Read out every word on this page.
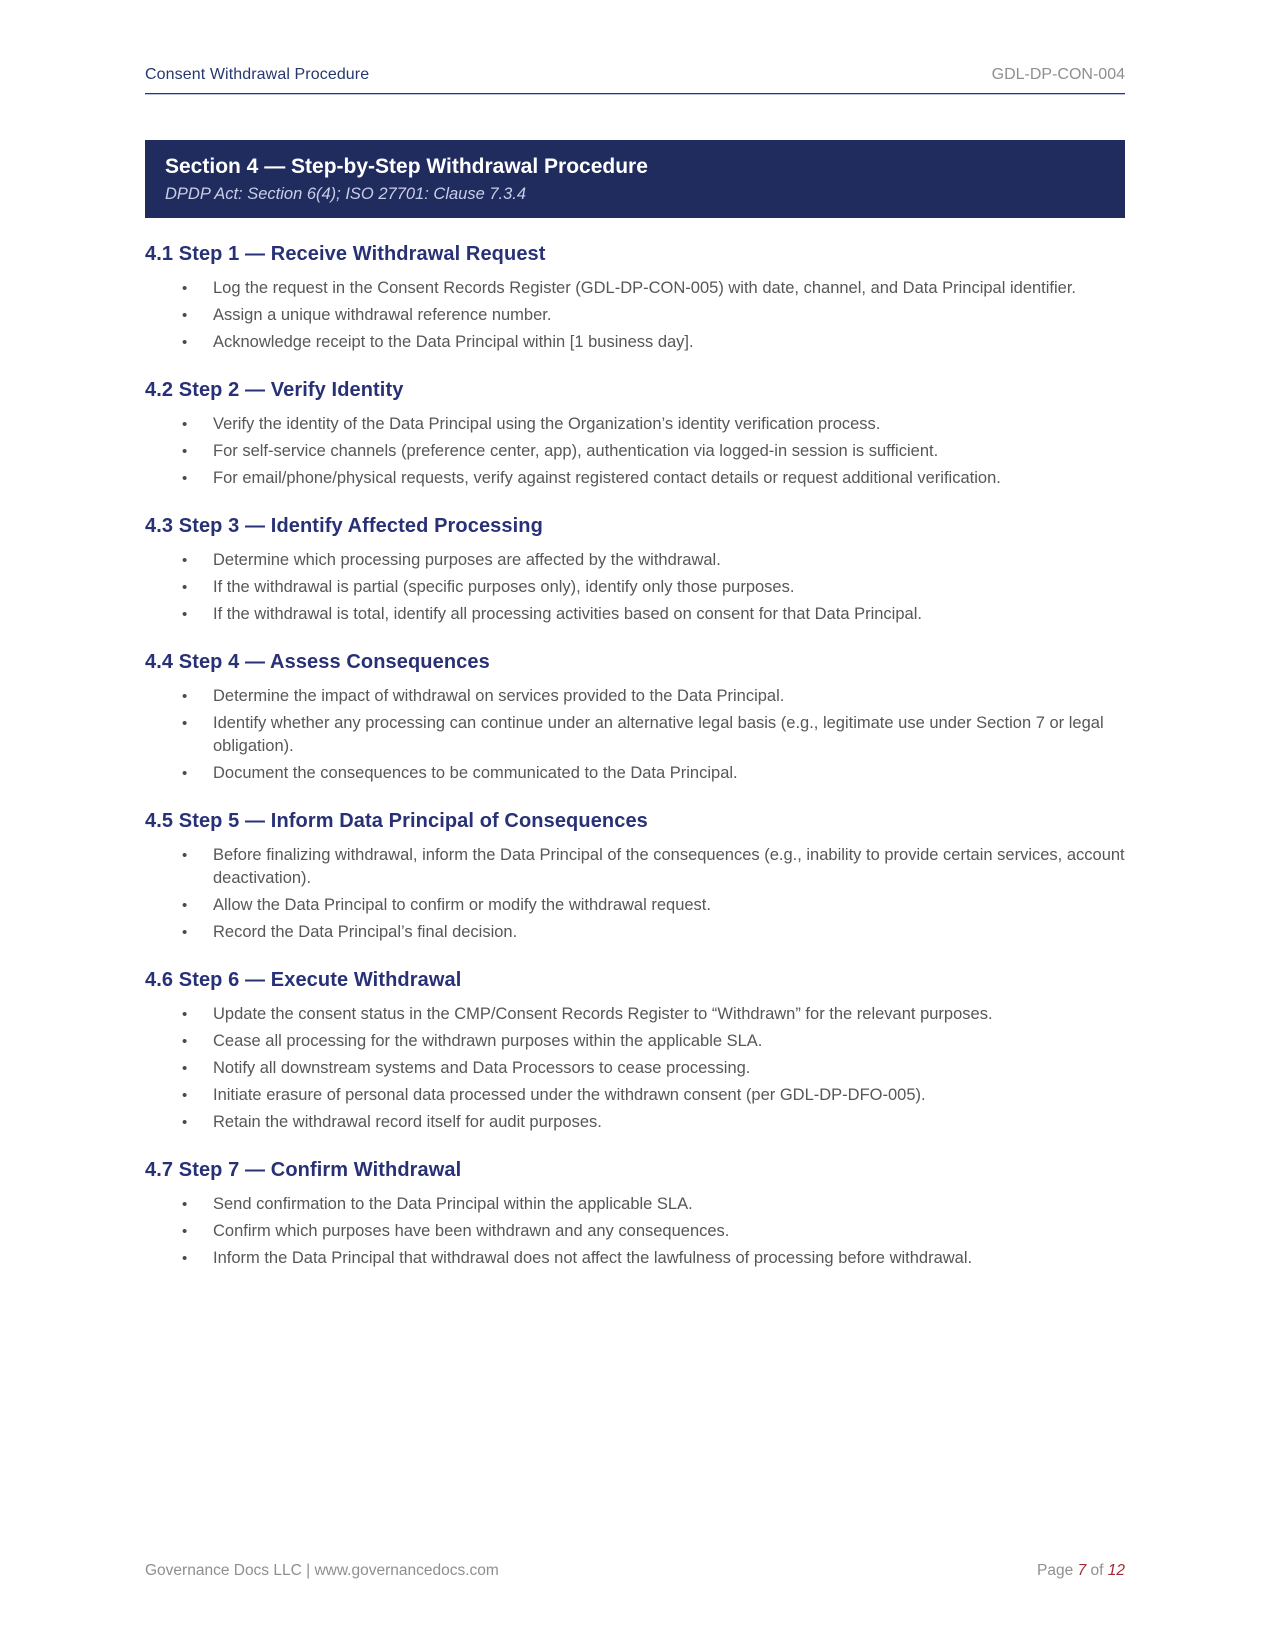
Consent Withdrawal Procedure	GDL-DP-CON-004
Section 4 — Step-by-Step Withdrawal Procedure
DPDP Act: Section 6(4); ISO 27701: Clause 7.3.4
4.1 Step 1 — Receive Withdrawal Request
• Log the request in the Consent Records Register (GDL-DP-CON-005) with date, channel, and Data Principal identifier.
• Assign a unique withdrawal reference number.
• Acknowledge receipt to the Data Principal within [1 business day].
4.2 Step 2 — Verify Identity
• Verify the identity of the Data Principal using the Organization’s identity verification process.
• For self-service channels (preference center, app), authentication via logged-in session is sufficient.
• For email/phone/physical requests, verify against registered contact details or request additional verification.
4.3 Step 3 — Identify Affected Processing
• Determine which processing purposes are affected by the withdrawal.
• If the withdrawal is partial (specific purposes only), identify only those purposes.
• If the withdrawal is total, identify all processing activities based on consent for that Data Principal.
4.4 Step 4 — Assess Consequences
• Determine the impact of withdrawal on services provided to the Data Principal.
• Identify whether any processing can continue under an alternative legal basis (e.g., legitimate use under Section 7 or legal obligation).
• Document the consequences to be communicated to the Data Principal.
4.5 Step 5 — Inform Data Principal of Consequences
• Before finalizing withdrawal, inform the Data Principal of the consequences (e.g., inability to provide certain services, account deactivation).
• Allow the Data Principal to confirm or modify the withdrawal request.
• Record the Data Principal’s final decision.
4.6 Step 6 — Execute Withdrawal
• Update the consent status in the CMP/Consent Records Register to “Withdrawn” for the relevant purposes.
• Cease all processing for the withdrawn purposes within the applicable SLA.
• Notify all downstream systems and Data Processors to cease processing.
• Initiate erasure of personal data processed under the withdrawn consent (per GDL-DP-DFO-005).
• Retain the withdrawal record itself for audit purposes.
4.7 Step 7 — Confirm Withdrawal
• Send confirmation to the Data Principal within the applicable SLA.
• Confirm which purposes have been withdrawn and any consequences.
• Inform the Data Principal that withdrawal does not affect the lawfulness of processing before withdrawal.
Governance Docs LLC | www.governancedocs.com	Page 7 of 12
